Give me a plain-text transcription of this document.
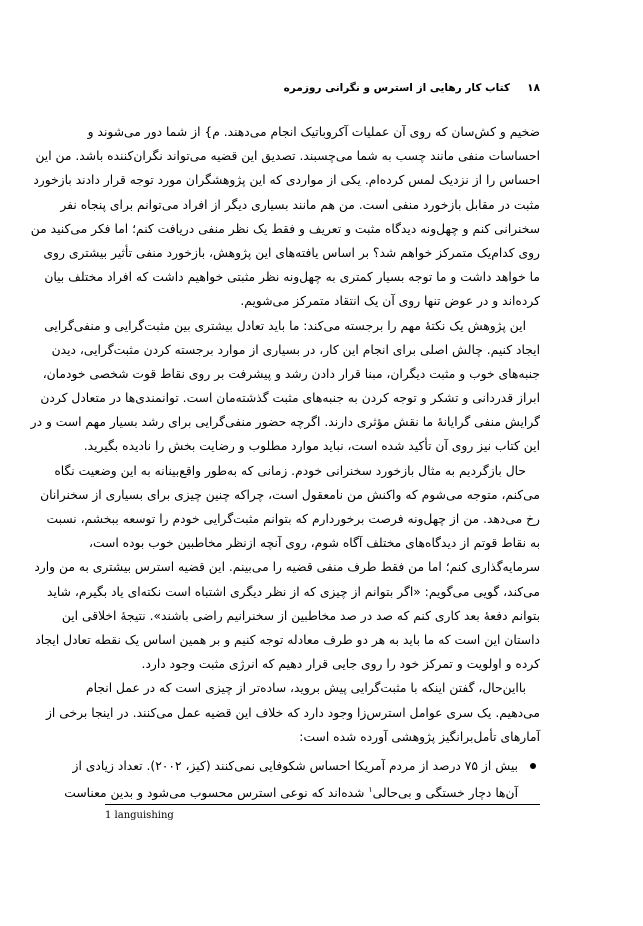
۱۸
کتاب کار رهایی از استرس و نگرانی روزمره
ضخیم و کش‌سان که روی آن عملیات آکروباتیک انجام می‌دهند. م} از شما دور می‌شوند و
احساسات منفی مانند چسب به شما می‌چسبند. تصدیق این قضیه می‌تواند نگران‌کننده باشد. من این
احساس را از نزدیک لمس کرده‌ام. یکی از مواردی که این پژوهشگران مورد توجه قرار دادند بازخورد
مثبت در مقابل بازخورد منفی است. من هم مانند بسیاری دیگر از افراد می‌توانم برای پنجاه نفر
سخنرانی کنم و چهل‌ونه دیدگاه مثبت و تعریف و فقط یک نظر منفی دریافت کنم؛ اما فکر می‌کنید من
روی کدام‌یک متمرکز خواهم شد؟ بر اساس یافته‌های این پژوهش، بازخورد منفی تأثیر بیشتری روی
ما خواهد داشت و ما توجه بسیار کمتری به چهل‌ونه نظر مثبتی خواهیم داشت که افراد مختلف بیان
کرده‌اند و در عوض تنها روی آن یک انتقاد متمرکز می‌شویم.
این پژوهش یک نکتهٔ مهم را برجسته می‌کند: ما باید تعادل بیشتری بین مثبت‌گرایی و منفی‌گرایی
ایجاد کنیم. چالش اصلی برای انجام این کار، در بسیاری از موارد برجسته کردن مثبت‌گرایی، دیدن
جنبه‌های خوب و مثبت دیگران، مبنا قرار دادن رشد و پیشرفت بر روی نقاط قوت شخصی خودمان،
ابراز قدردانی و تشکر و توجه کردن به جنبه‌های مثبت گذشته‌مان است. توانمندی‌ها در متعادل کردن
گرایش منفی گرایانهٔ ما نقش مؤثری دارند. اگرچه حضور منفی‌گرایی برای رشد بسیار مهم است و در
این کتاب نیز روی آن تأکید شده است، نباید موارد مطلوب و رضایت بخش را نادیده بگیرید.
حال بازگردیم به مثال بازخورد سخنرانی خودم. زمانی که به‌طور واقع‌بینانه به این وضعیت نگاه
می‌کنم، متوجه می‌شوم که واکنش من نامعقول است، چراکه چنین چیزی برای بسیاری از سخنرانان
رخ می‌دهد. من از چهل‌ونه فرصت برخوردارم که بتوانم مثبت‌گرایی خودم را توسعه ببخشم، نسبت
به نقاط قوتم از دیدگاه‌های مختلف آگاه شوم، روی آنچه ازنظر مخاطبین خوب بوده است،
سرمایه‌گذاری کنم؛ اما من فقط طرف منفی قضیه را می‌بینم. این قضیه استرس بیشتری به من وارد
می‌کند، گویی می‌گویم: «اگر بتوانم از چیزی که از نظر دیگری اشتباه است نکته‌ای یاد بگیرم، شاید
بتوانم دفعهٔ بعد کاری کنم که صد در صد مخاطبین از سخنرانیم راضی باشند». نتیجهٔ اخلاقی این
داستان این است که ما باید به هر دو طرف معادله توجه کنیم و بر همین اساس یک نقطه تعادل ایجاد
کرده و اولویت و تمرکز خود را روی جایی قرار دهیم که انرژی مثبت وجود دارد.
بااین‌حال، گفتن اینکه با مثبت‌گرایی پیش بروید، ساده‌تر از چیزی است که در عمل انجام
می‌دهیم. یک سری عوامل استرس‌زا وجود دارد که خلاف این قضیه عمل می‌کنند. در اینجا برخی از
آمارهای تأمل‌برانگیز پژوهشی آورده شده است:
بیش از ۷۵ درصد از مردم آمریکا احساس شکوفایی نمی‌کنند (کیز، ۲۰۰۲). تعداد زیادی از
آن‌ها دچار خستگی و بی‌حالی$^۱$ شده‌اند که نوعی استرس محسوب می‌شود و بدین معناست
1 languishing
